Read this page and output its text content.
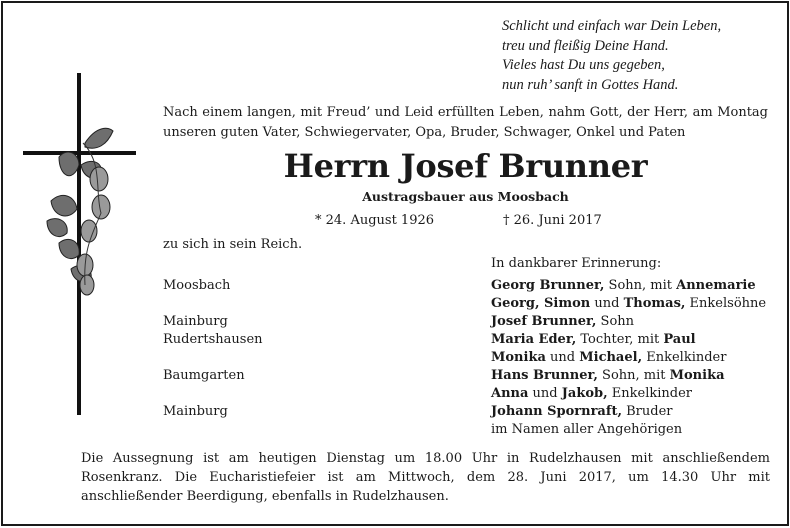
Schlicht und einfach war Dein Leben,
treu und fleißig Deine Hand.
Vieles hast Du uns gegeben,
nun ruh’ sanft in Gottes Hand.
Nach einem langen, mit Freud’ und Leid erfüllten Leben, nahm Gott, der Herr, am Montag unseren guten Vater, Schwiegervater, Opa, Bruder, Schwager, Onkel und Paten
Herrn Josef Brunner
Austragsbauer aus Moosbach
* 24. August 1926	† 26. Juni 2017
zu sich in sein Reich.
In dankbarer Erinnerung:
Moosbach
Mainburg
Rudertshausen
Baumgarten
Mainburg
Georg Brunner, Sohn, mit Annemarie
Georg, Simon und Thomas, Enkelsöhne
Josef Brunner, Sohn
Maria Eder, Tochter, mit Paul
Monika und Michael, Enkelkinder
Hans Brunner, Sohn, mit Monika
Anna und Jakob, Enkelkinder
Johann Spornraft, Bruder
im Namen aller Angehörigen
Die Aussegnung ist am heutigen Dienstag um 18.00 Uhr in Rudelzhausen mit anschließendem Rosenkranz. Die Eucharistiefeier ist am Mittwoch, dem 28. Juni 2017, um 14.30 Uhr mit anschließender Beerdigung, ebenfalls in Rudelzhausen.
